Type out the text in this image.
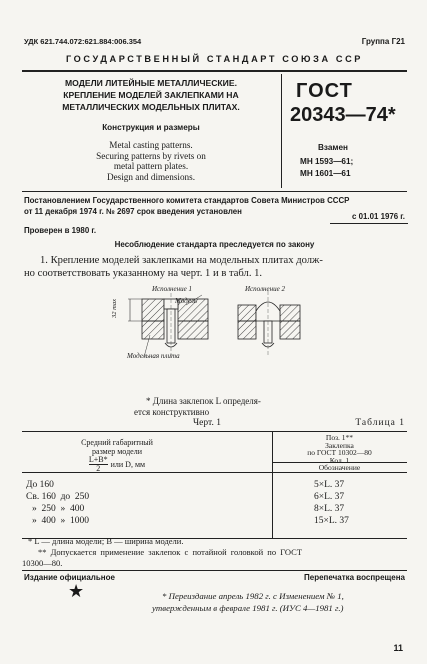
УДК 621.744.072:621.884:006.354	Группа Г21
ГОСУДАРСТВЕННЫЙ СТАНДАРТ СОЮЗА ССР
МОДЕЛИ ЛИТЕЙНЫЕ МЕТАЛЛИЧЕСКИЕ.
КРЕПЛЕНИЕ МОДЕЛЕЙ ЗАКЛЕПКАМИ НА
МЕТАЛЛИЧЕСКИХ МОДЕЛЬНЫХ ПЛИТАХ.
Конструкция и размеры
Metal casting patterns.
Securing patterns by rivets on
metal pattern plates.
Design and dimensions.
ГОСТ
20343—74*
Взамен
МН 1593—61;
МН 1601—61
Постановлением Государственного комитета стандартов Совета Министров СССР
от 11 декабря 1974 г. № 2697 срок введения установлен
с 01.01 1976 г.
Проверен в 1980 г.
Несоблюдение стандарта преследуется по закону
1. Крепление моделей заклепками на модельных плитах долж-
но соответствовать указанному на черт. 1 и в табл. 1.
Исполнение 1	Исполнение 2
Модель
Модельная плита
32 max
* Длина заклепок L определя-
ется конструктивно
Черт. 1	Таблица 1
Средний габаритный
размер модели
$\frac{L+B*}{2}$ или D, мм
Поз. 1**
Заклепка
по ГОСТ 10302—80
Кол. 1
Обозначение
До 160	5×L. 37
Св. 160  до  250	6×L. 37
»  250  »  400	8×L. 37
»  400  »  1000	15×L. 37
* L — длина модели; B — ширина модели.
** Допускается применение заклепок с потайной головкой по ГОСТ
10300—80.
Издание официальное	Перепечатка воспрещена
★	* Переиздание апрель 1982 г. с Изменением № 1,
утвержденным в феврале 1981 г. (ИУС 4—1981 г.)
11
